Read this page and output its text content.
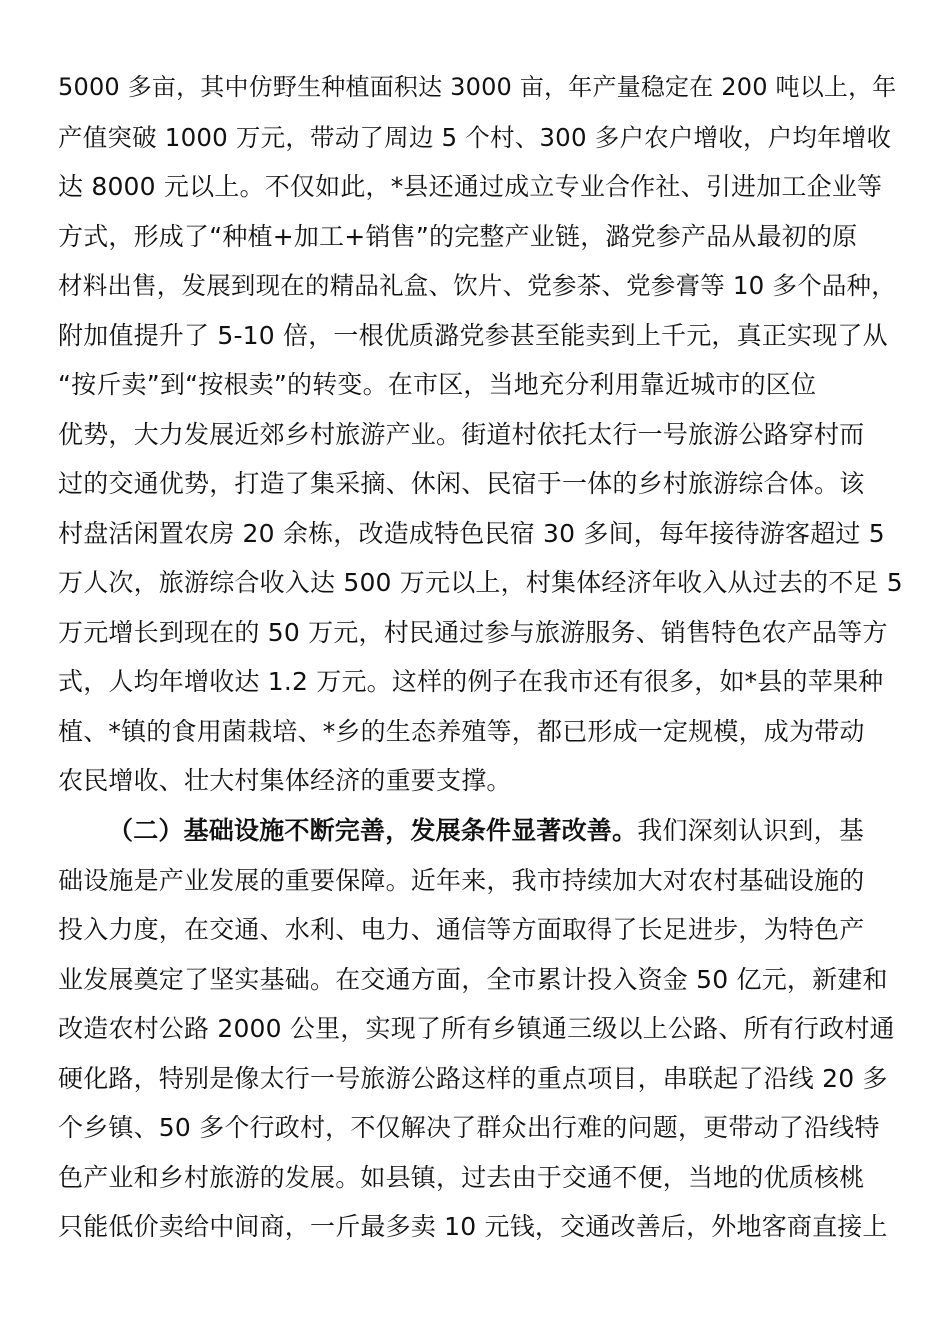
5000 多亩，其中仿野生种植面积达 3000 亩，年产量稳定在 200 吨以上，年
产值突破 1000 万元，带动了周边 5 个村、300 多户农户增收，户均年增收
达 8000 元以上。不仅如此，*县还通过成立专业合作社、引进加工企业等
方式，形成了“种植+加工+销售”的完整产业链，潞党参产品从最初的原
材料出售，发展到现在的精品礼盒、饮片、党参茶、党参膏等 10 多个品种，
附加值提升了 5-10 倍，一根优质潞党参甚至能卖到上千元，真正实现了从
“按斤卖”到“按根卖”的转变。在市区，当地充分利用靠近城市的区位
优势，大力发展近郊乡村旅游产业。街道村依托太行一号旅游公路穿村而
过的交通优势，打造了集采摘、休闲、民宿于一体的乡村旅游综合体。该
村盘活闲置农房 20 余栋，改造成特色民宿 30 多间，每年接待游客超过 5
万人次，旅游综合收入达 500 万元以上，村集体经济年收入从过去的不足 5
万元增长到现在的 50 万元，村民通过参与旅游服务、销售特色农产品等方
式，人均年增收达 1.2 万元。这样的例子在我市还有很多，如*县的苹果种
植、*镇的食用菌栽培、*乡的生态养殖等，都已形成一定规模，成为带动
农民增收、壮大村集体经济的重要支撑。
（二）基础设施不断完善，发展条件显著改善。我们深刻认识到，基
础设施是产业发展的重要保障。近年来，我市持续加大对农村基础设施的
投入力度，在交通、水利、电力、通信等方面取得了长足进步，为特色产
业发展奠定了坚实基础。在交通方面，全市累计投入资金 50 亿元，新建和
改造农村公路 2000 公里，实现了所有乡镇通三级以上公路、所有行政村通
硬化路，特别是像太行一号旅游公路这样的重点项目，串联起了沿线 20 多
个乡镇、50 多个行政村，不仅解决了群众出行难的问题，更带动了沿线特
色产业和乡村旅游的发展。如县镇，过去由于交通不便，当地的优质核桃
只能低价卖给中间商，一斤最多卖 10 元钱，交通改善后，外地客商直接上
